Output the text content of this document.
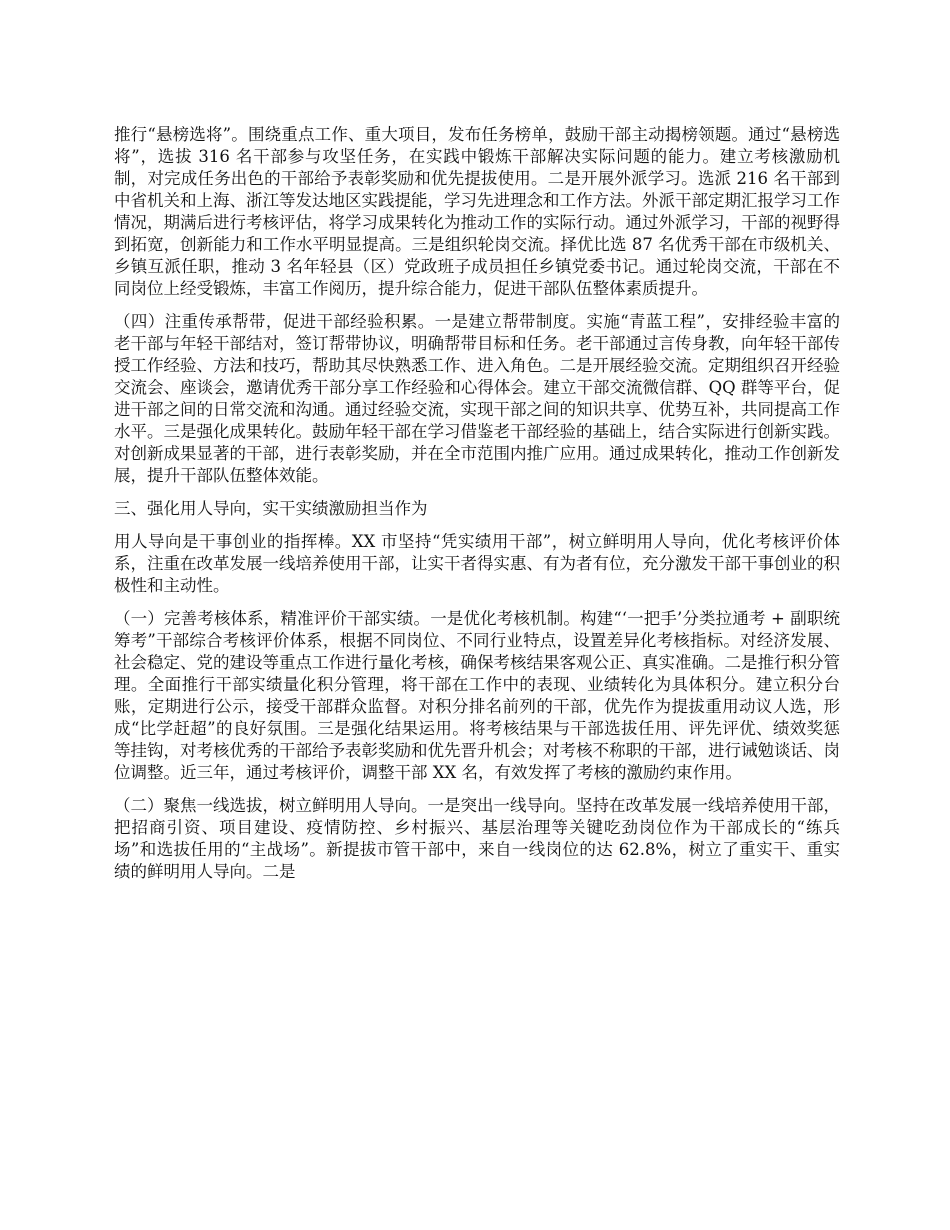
推行“悬榜选将”。围绕重点工作、重大项目，发布任务榜单，鼓励干部主动揭榜领题。通过“悬榜选将”，选拔 316 名干部参与攻坚任务，在实践中锻炼干部解决实际问题的能力。建立考核激励机制，对完成任务出色的干部给予表彰奖励和优先提拔使用。二是开展外派学习。选派 216 名干部到中省机关和上海、浙江等发达地区实践提能，学习先进理念和工作方法。外派干部定期汇报学习工作情况，期满后进行考核评估，将学习成果转化为推动工作的实际行动。通过外派学习，干部的视野得到拓宽，创新能力和工作水平明显提高。三是组织轮岗交流。择优比选 87 名优秀干部在市级机关、乡镇互派任职，推动 3 名年轻县（区）党政班子成员担任乡镇党委书记。通过轮岗交流，干部在不同岗位上经受锻炼，丰富工作阅历，提升综合能力，促进干部队伍整体素质提升。

（四）注重传承帮带，促进干部经验积累。一是建立帮带制度。实施“青蓝工程”，安排经验丰富的老干部与年轻干部结对，签订帮带协议，明确帮带目标和任务。老干部通过言传身教，向年轻干部传授工作经验、方法和技巧，帮助其尽快熟悉工作、进入角色。二是开展经验交流。定期组织召开经验交流会、座谈会，邀请优秀干部分享工作经验和心得体会。建立干部交流微信群、QQ 群等平台，促进干部之间的日常交流和沟通。通过经验交流，实现干部之间的知识共享、优势互补，共同提高工作水平。三是强化成果转化。鼓励年轻干部在学习借鉴老干部经验的基础上，结合实际进行创新实践。对创新成果显著的干部，进行表彰奖励，并在全市范围内推广应用。通过成果转化，推动工作创新发展，提升干部队伍整体效能。

三、强化用人导向，实干实绩激励担当作为

用人导向是干事创业的指挥棒。XX 市坚持“凭实绩用干部”，树立鲜明用人导向，优化考核评价体系，注重在改革发展一线培养使用干部，让实干者得实惠、有为者有位，充分激发干部干事创业的积极性和主动性。

（一）完善考核体系，精准评价干部实绩。一是优化考核机制。构建“‘一把手’分类拉通考 + 副职统筹考”干部综合考核评价体系，根据不同岗位、不同行业特点，设置差异化考核指标。对经济发展、社会稳定、党的建设等重点工作进行量化考核，确保考核结果客观公正、真实准确。二是推行积分管理。全面推行干部实绩量化积分管理，将干部在工作中的表现、业绩转化为具体积分。建立积分台账，定期进行公示，接受干部群众监督。对积分排名前列的干部，优先作为提拔重用动议人选，形成“比学赶超”的良好氛围。三是强化结果运用。将考核结果与干部选拔任用、评先评优、绩效奖惩等挂钩，对考核优秀的干部给予表彰奖励和优先晋升机会；对考核不称职的干部，进行诫勉谈话、岗位调整。近三年，通过考核评价，调整干部 XX 名，有效发挥了考核的激励约束作用。

（二）聚焦一线选拔，树立鲜明用人导向。一是突出一线导向。坚持在改革发展一线培养使用干部，把招商引资、项目建设、疫情防控、乡村振兴、基层治理等关键吃劲岗位作为干部成长的“练兵场”和选拔任用的“主战场”。新提拔市管干部中，来自一线岗位的达 62.8%，树立了重实干、重实绩的鲜明用人导向。二是
